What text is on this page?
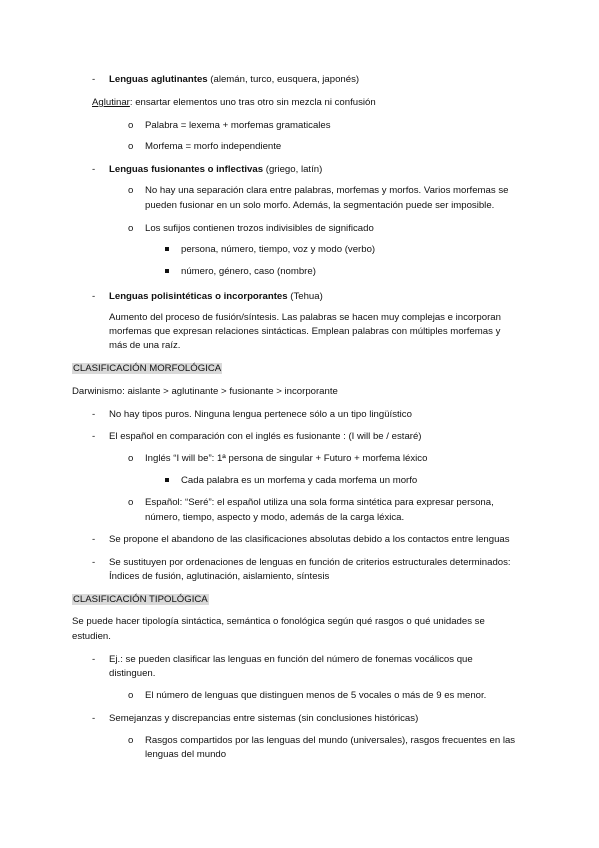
- Lenguas aglutinantes (alemán, turco, eusquera, japonés)
Aglutinar: ensartar elementos uno tras otro sin mezcla ni confusión
o Palabra = lexema + morfemas gramaticales
o Morfema = morfo independiente
- Lenguas fusionantes o inflectivas (griego, latín)
o No hay una separación clara entre palabras, morfemas y morfos. Varios morfemas se
pueden fusionar en un solo morfo. Además, la segmentación puede ser imposible.
o Los sufijos contienen trozos indivisibles de significado
persona, número, tiempo, voz y modo (verbo)
número, género, caso (nombre)
- Lenguas polisintéticas o incorporantes (Tehua)
Aumento del proceso de fusión/síntesis. Las palabras se hacen muy complejas e incorporan
morfemas que expresan relaciones sintácticas. Emplean palabras con múltiples morfemas y
más de una raíz.
CLASIFICACIÓN MORFOLÓGICA
Darwinismo: aislante > aglutinante > fusionante > incorporante
- No hay tipos puros. Ninguna lengua pertenece sólo a un tipo lingüístico
- El español en comparación con el inglés es fusionante : (I will be / estaré)
o Inglés “I will be”: 1ª persona de singular + Futuro + morfema léxico
Cada palabra es un morfema y cada morfema un morfo
o Español: “Seré”: el español utiliza una sola forma sintética para expresar persona,
número, tiempo, aspecto y modo, además de la carga léxica.
- Se propone el abandono de las clasificaciones absolutas debido a los contactos entre lenguas
- Se sustituyen por ordenaciones de lenguas en función de criterios estructurales determinados:
Índices de fusión, aglutinación, aislamiento, síntesis
CLASIFICACIÓN TIPOLÓGICA
Se puede hacer tipología sintáctica, semántica o fonológica según qué rasgos o qué unidades se
estudien.
- Ej.: se pueden clasificar las lenguas en función del número de fonemas vocálicos que
distinguen.
o El número de lenguas que distinguen menos de 5 vocales o más de 9 es menor.
- Semejanzas y discrepancias entre sistemas (sin conclusiones históricas)
o Rasgos compartidos por las lenguas del mundo (universales), rasgos frecuentes en las
lenguas del mundo
